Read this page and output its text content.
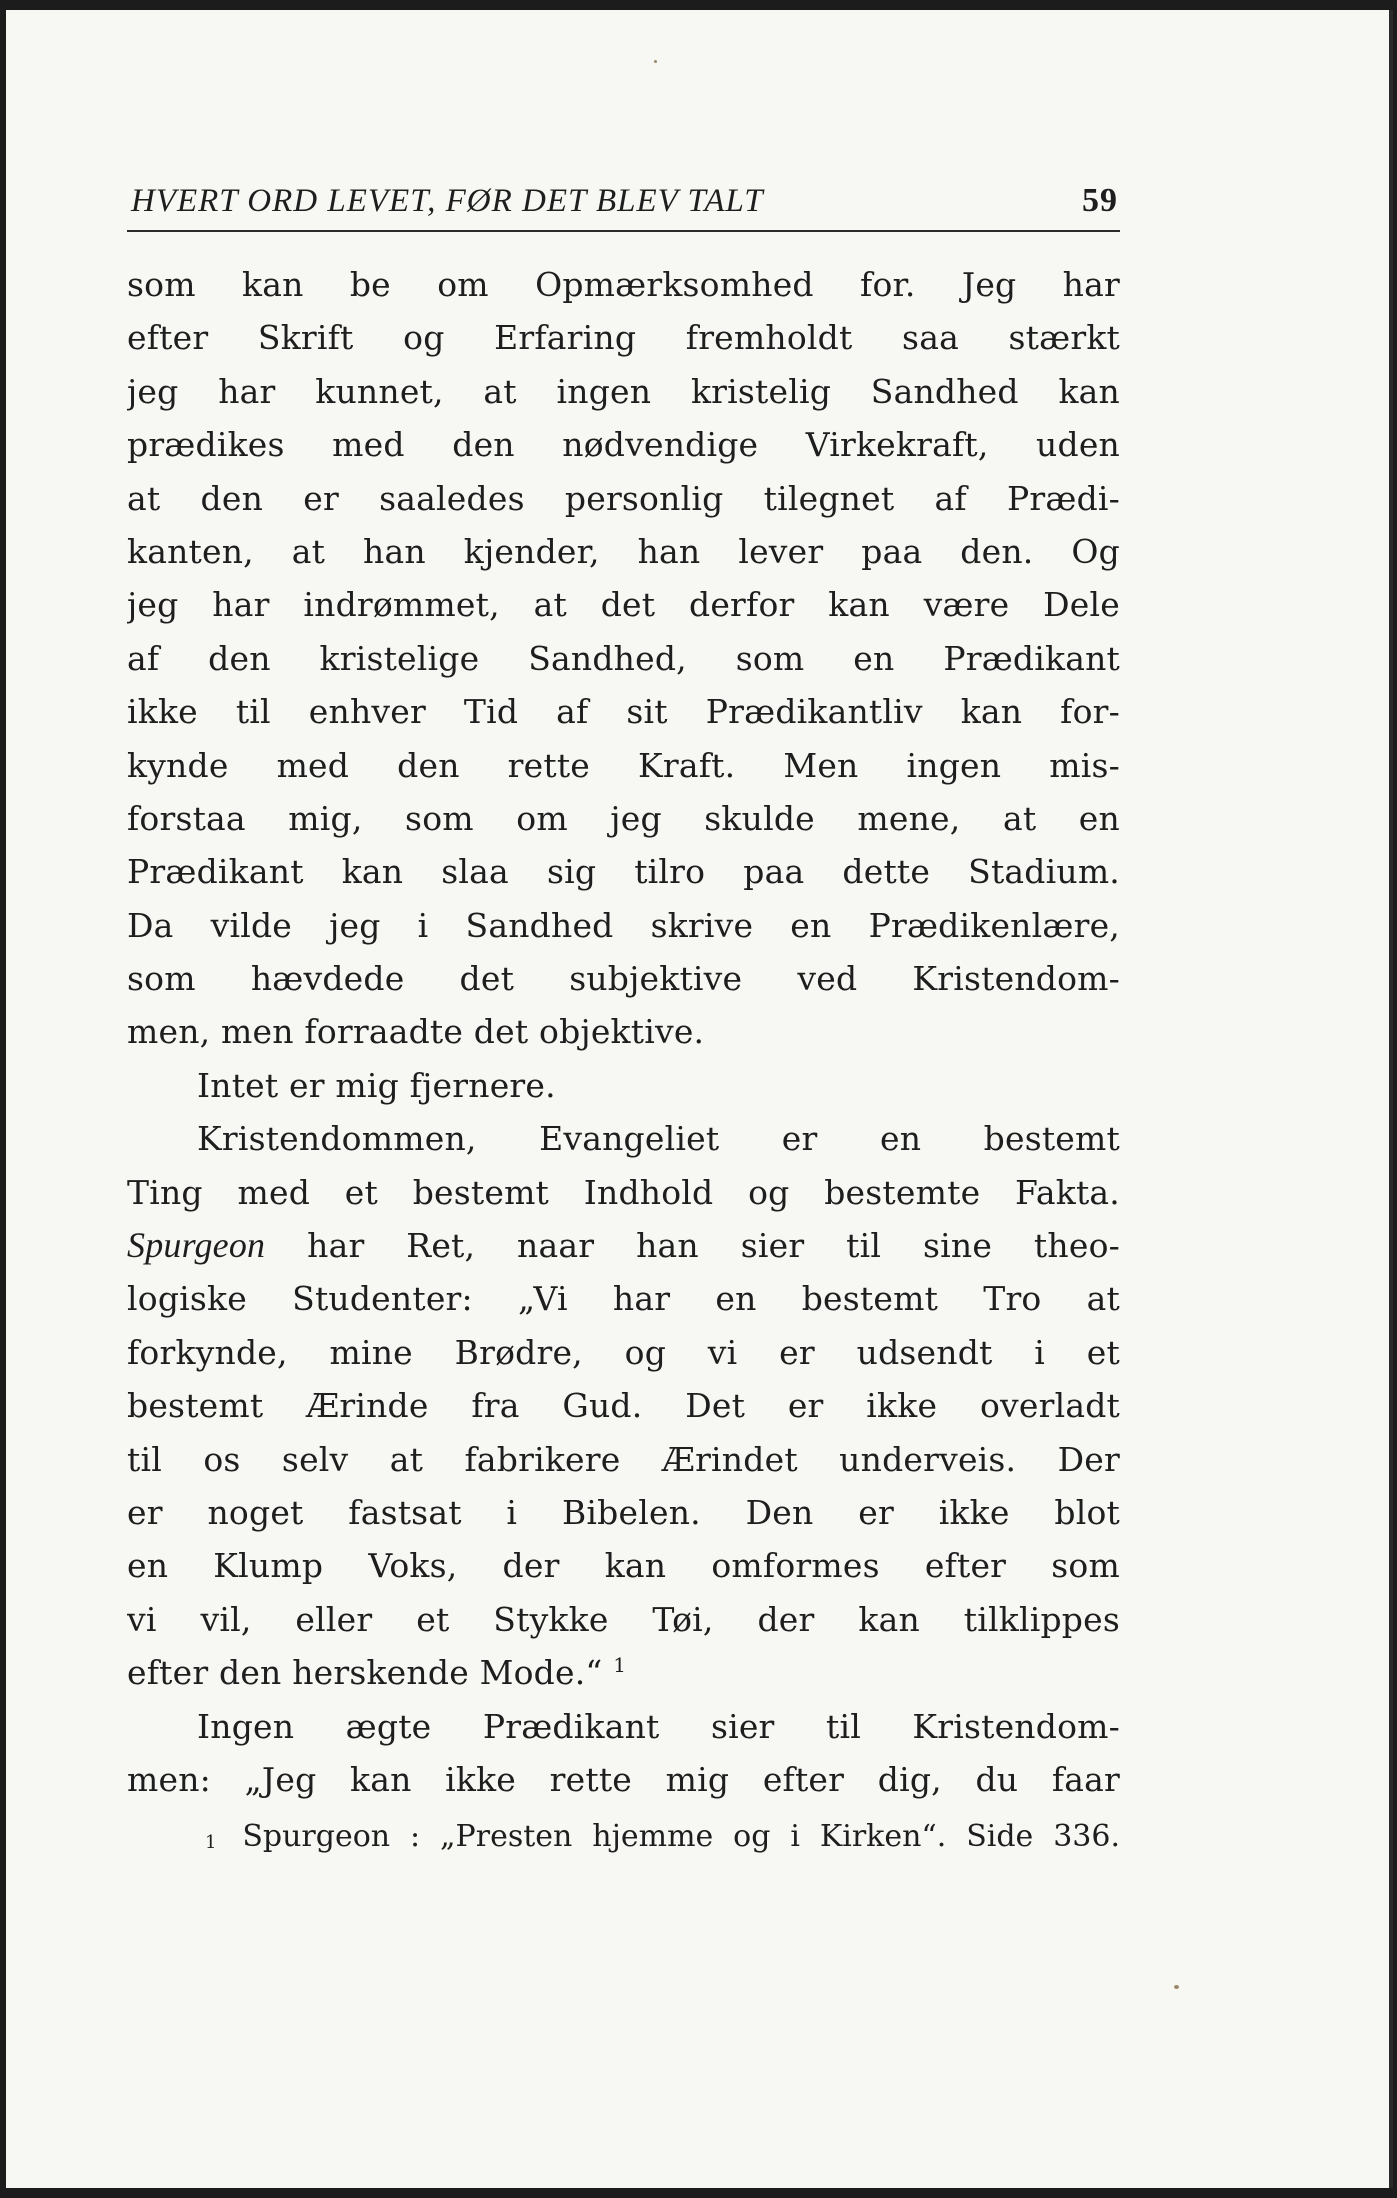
HVERT ORD LEVET, FØR DET BLEV TALT	59
som kan be om Opmærksomhed for. Jeg har
efter Skrift og Erfaring fremholdt saa stærkt
jeg har kunnet, at ingen kristelig Sandhed kan
prædikes med den nødvendige Virkekraft, uden
at den er saaledes personlig tilegnet af Prædi-
kanten, at han kjender, han lever paa den. Og
jeg har indrømmet, at det derfor kan være Dele
af den kristelige Sandhed, som en Prædikant
ikke til enhver Tid af sit Prædikantliv kan for-
kynde med den rette Kraft. Men ingen mis-
forstaa mig, som om jeg skulde mene, at en
Prædikant kan slaa sig tilro paa dette Stadium.
Da vilde jeg i Sandhed skrive en Prædikenlære,
som hævdede det subjektive ved Kristendom-
men, men forraadte det objektive.
Intet er mig fjernere.
Kristendommen, Evangeliet er en bestemt
Ting med et bestemt Indhold og bestemte Fakta.
Spurgeon har Ret, naar han sier til sine theo-
logiske Studenter: „Vi har en bestemt Tro at
forkynde, mine Brødre, og vi er udsendt i et
bestemt Ærinde fra Gud. Det er ikke overladt
til os selv at fabrikere Ærindet underveis. Der
er noget fastsat i Bibelen. Den er ikke blot
en Klump Voks, der kan omformes efter som
vi vil, eller et Stykke Tøi, der kan tilklippes
efter den herskende Mode.“ $^1$
Ingen ægte Prædikant sier til Kristendom-
men: „Jeg kan ikke rette mig efter dig, du faar
1 Spurgeon : „Presten hjemme og i Kirken“. Side 336.
